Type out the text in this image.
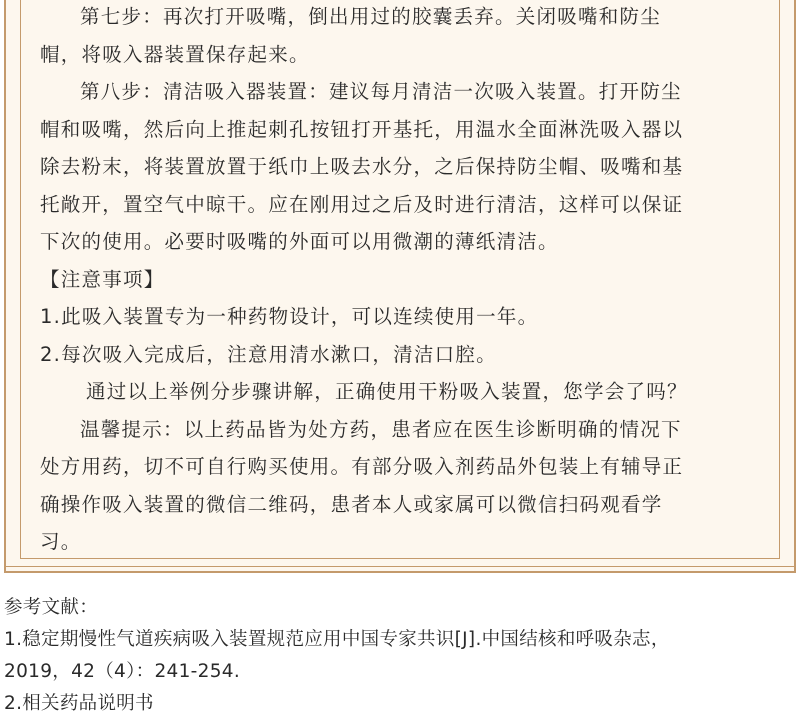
第七步：再次打开吸嘴，倒出用过的胶囊丢弃。关闭吸嘴和防尘
帽，将吸入器装置保存起来。
第八步：清洁吸入器装置：建议每月清洁一次吸入装置。打开防尘
帽和吸嘴，然后向上推起刺孔按钮打开基托，用温水全面淋洗吸入器以
除去粉末，将装置放置于纸巾上吸去水分，之后保持防尘帽、吸嘴和基
托敞开，置空气中晾干。应在刚用过之后及时进行清洁，这样可以保证
下次的使用。必要时吸嘴的外面可以用微潮的薄纸清洁。
【注意事项】
1.此吸入装置专为一种药物设计，可以连续使用一年。
2.每次吸入完成后，注意用清水漱口，清洁口腔。
通过以上举例分步骤讲解，正确使用干粉吸入装置，您学会了吗？
温馨提示：以上药品皆为处方药，患者应在医生诊断明确的情况下
处方用药，切不可自行购买使用。有部分吸入剂药品外包装上有辅导正
确操作吸入装置的微信二维码，患者本人或家属可以微信扫码观看学
习。
参考文献：
1.稳定期慢性气道疾病吸入装置规范应用中国专家共识[J].中国结核和呼吸杂志，
2019，42（4）：241-254.
2.相关药品说明书
